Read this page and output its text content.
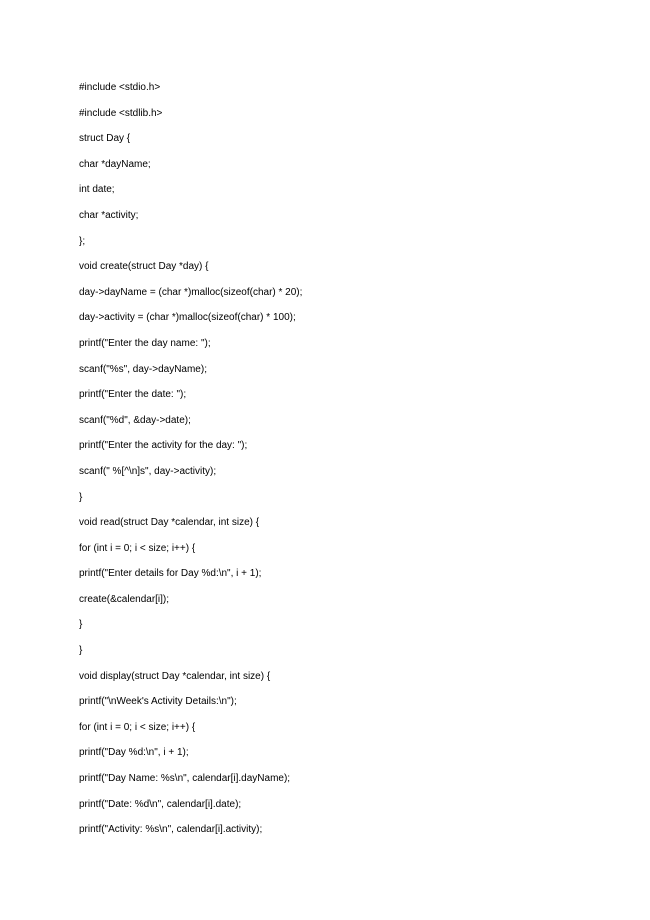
#include <stdio.h>
#include <stdlib.h>
struct Day {
char *dayName;
int date;
char *activity;
};
void create(struct Day *day) {
day->dayName = (char *)malloc(sizeof(char) * 20);
day->activity = (char *)malloc(sizeof(char) * 100);
printf("Enter the day name: ");
scanf("%s", day->dayName);
printf("Enter the date: ");
scanf("%d", &day->date);
printf("Enter the activity for the day: ");
scanf(" %[^\n]s", day->activity);
}
void read(struct Day *calendar, int size) {
for (int i = 0; i < size; i++) {
printf("Enter details for Day %d:\n", i + 1);
create(&calendar[i]);
}
}
void display(struct Day *calendar, int size) {
printf("\nWeek's Activity Details:\n");
for (int i = 0; i < size; i++) {
printf("Day %d:\n", i + 1);
printf("Day Name: %s\n", calendar[i].dayName);
printf("Date: %d\n", calendar[i].date);
printf("Activity: %s\n", calendar[i].activity);
